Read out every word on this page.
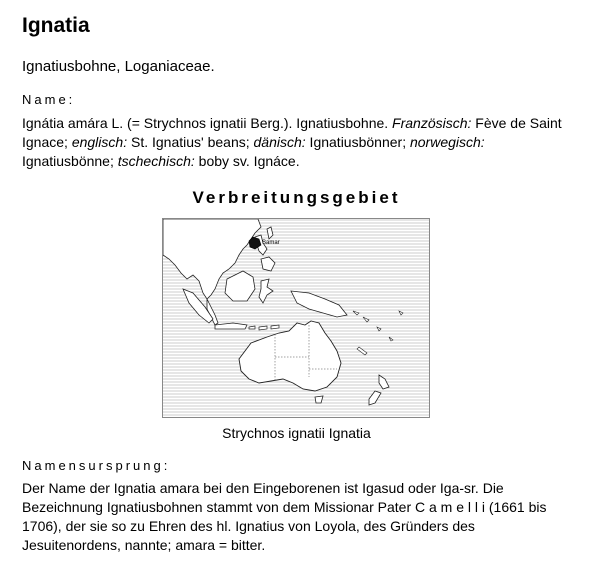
Ignatia
Ignatiusbohne, Loganiaceae.
Name:
Ignátia amára L. (= Strychnos ignatii Berg.). Ignatiusbohne. Französisch: Fève de Saint Ignace; englisch: St. Ignatius' beans; dänisch: Ignatiusbönner; norwegisch: Ignatiusbönne; tschechisch: boby sv. Ignáce.
Verbreitungsgebiet
Samar
Strychnos ignatii Ignatia
Namensursprung:
Der Name der Ignatia amara bei den Eingeborenen ist Igasud oder Iga-sr. Die Bezeichnung Ignatiusbohnen stammt von dem Missionar Pater C a m e l l i (1661 bis 1706), der sie so zu Ehren des hl. Ignatius von Loyola, des Gründers des Jesuitenordens, nannte; amara = bitter.
